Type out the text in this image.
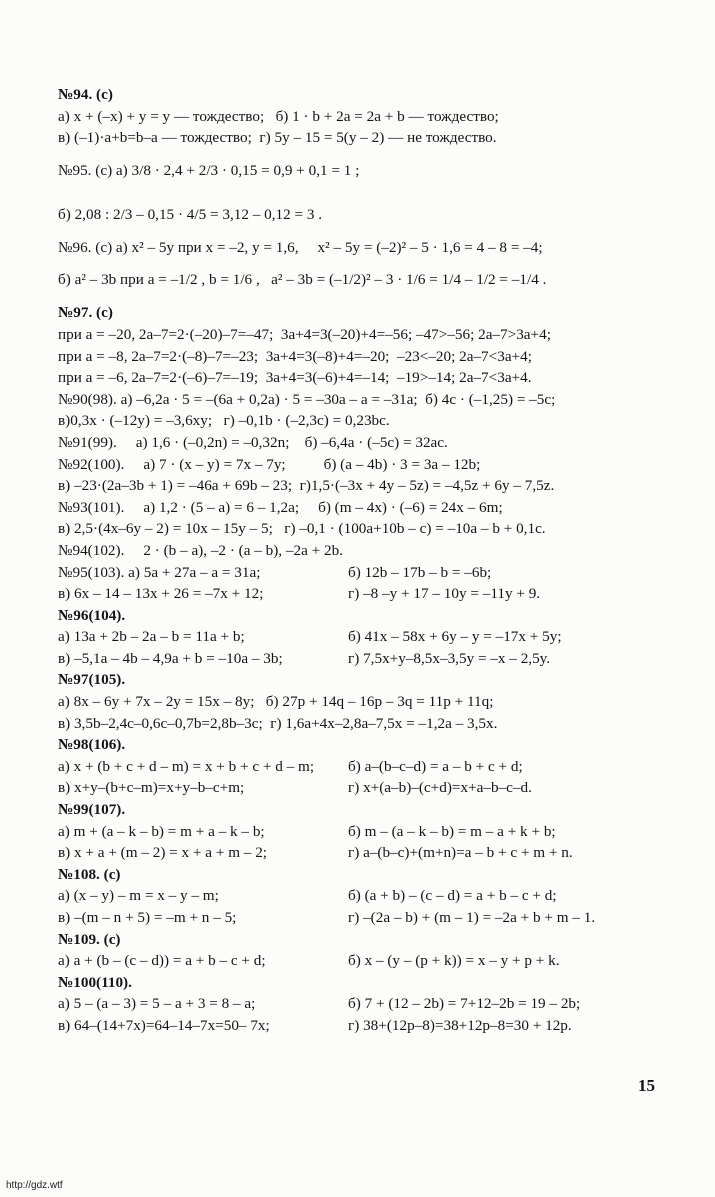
№94. (с)
а) x + (–x) + y = y — тождество;   б) 1 · b + 2a = 2a + b — тождество;
в) (–1)·a+b=b–a — тождество;  г) 5y – 15 = 5(y – 2) — не тождество.
№95. (с) а) 3/8 · 2,4 + 2/3 · 0,15 = 0,9 + 0,1 = 1 ;
б) 2,08 : 2/3 – 0,15 · 4/5 = 3,12 – 0,12 = 3 .
№96. (с) а) x² – 5y при x = –2, y = 1,6,     x² – 5y = (–2)² – 5 · 1,6 = 4 – 8 = –4;
б) a² – 3b при a = –1/2 , b = 1/6 ,   a² – 3b = (–1/2)² – 3 · 1/6 = 1/4 – 1/2 = –1/4 .
№97. (с)
при a = –20, 2a–7=2·(–20)–7=–47;  3a+4=3(–20)+4=–56; –47>–56; 2a–7>3a+4;
при a = –8, 2a–7=2·(–8)–7=–23;  3a+4=3(–8)+4=–20;  –23<–20; 2a–7<3a+4;
при a = –6, 2a–7=2·(–6)–7=–19;  3a+4=3(–6)+4=–14;  –19>–14; 2a–7<3a+4.
№90(98). а) –6,2a · 5 = –(6a + 0,2a) · 5 = –30a – a = –31a;  б) 4c · (–1,25) = –5c;
в)0,3x · (–12y) = –3,6xy;   г) –0,1b · (–2,3c) = 0,23bc.
№91(99).     а) 1,6 · (–0,2n) = –0,32n;    б) –6,4a · (–5c) = 32ac.
№92(100).     а) 7 · (x – y) = 7x – 7y;          б) (a – 4b) · 3 = 3a – 12b;
в) –23·(2a–3b + 1) = –46a + 69b – 23;  г)1,5·(–3x + 4y – 5z) = –4,5z + 6y – 7,5z.
№93(101).     а) 1,2 · (5 – a) = 6 – 1,2a;     б) (m – 4x) · (–6) = 24x – 6m;
в) 2,5·(4x–6y – 2) = 10x – 15y – 5;   г) –0,1 · (100a+10b – c) = –10a – b + 0,1c.
№94(102).     2 · (b – a), –2 · (a – b), –2a + 2b.
№95(103). а) 5a + 27a – a = 31a;	б) 12b – 17b – b = –6b;
в) 6x – 14 – 13x + 26 = –7x + 12;	г) –8 –y + 17 – 10y = –11y + 9.
№96(104).
а) 13a + 2b – 2a – b = 11a + b;	б) 41x – 58x + 6y – y = –17x + 5y;
в) –5,1a – 4b – 4,9a + b = –10a – 3b;	г) 7,5x+y–8,5x–3,5y = –x – 2,5y.
№97(105).
а) 8x – 6y + 7x – 2y = 15x – 8y;   б) 27p + 14q – 16p – 3q = 11p + 11q;
в) 3,5b–2,4c–0,6c–0,7b=2,8b–3c;  г) 1,6a+4x–2,8a–7,5x = –1,2a – 3,5x.
№98(106).
а) x + (b + c + d – m) = x + b + c + d – m; б) a–(b–c–d) = a – b + c + d;
в) x+y–(b+c–m)=x+y–b–c+m;	г) x+(a–b)–(c+d)=x+a–b–c–d.
№99(107).
а) m + (a – k – b) = m + a – k – b;	б) m – (a – k – b) = m – a + k + b;
в) x + a + (m – 2) = x + a + m – 2;	г) a–(b–c)+(m+n)=a – b + c + m + n.
№108. (с)
а) (x – y) – m = x – y – m;	б) (a + b) – (c – d) = a + b – c + d;
в) –(m – n + 5) = –m + n – 5;	г) –(2a – b) + (m – 1) = –2a + b + m – 1.
№109. (с)
а) a + (b – (c – d)) = a + b – c + d;	б) x – (y – (p + k)) = x – y + p + k.
№100(110).
а) 5 – (a – 3) = 5 – a + 3 = 8 – a;	б) 7 + (12 – 2b) = 7+12–2b = 19 – 2b;
в) 64–(14+7x)=64–14–7x=50– 7x;	г) 38+(12p–8)=38+12p–8=30 + 12p.
15
http://gdz.wtf
